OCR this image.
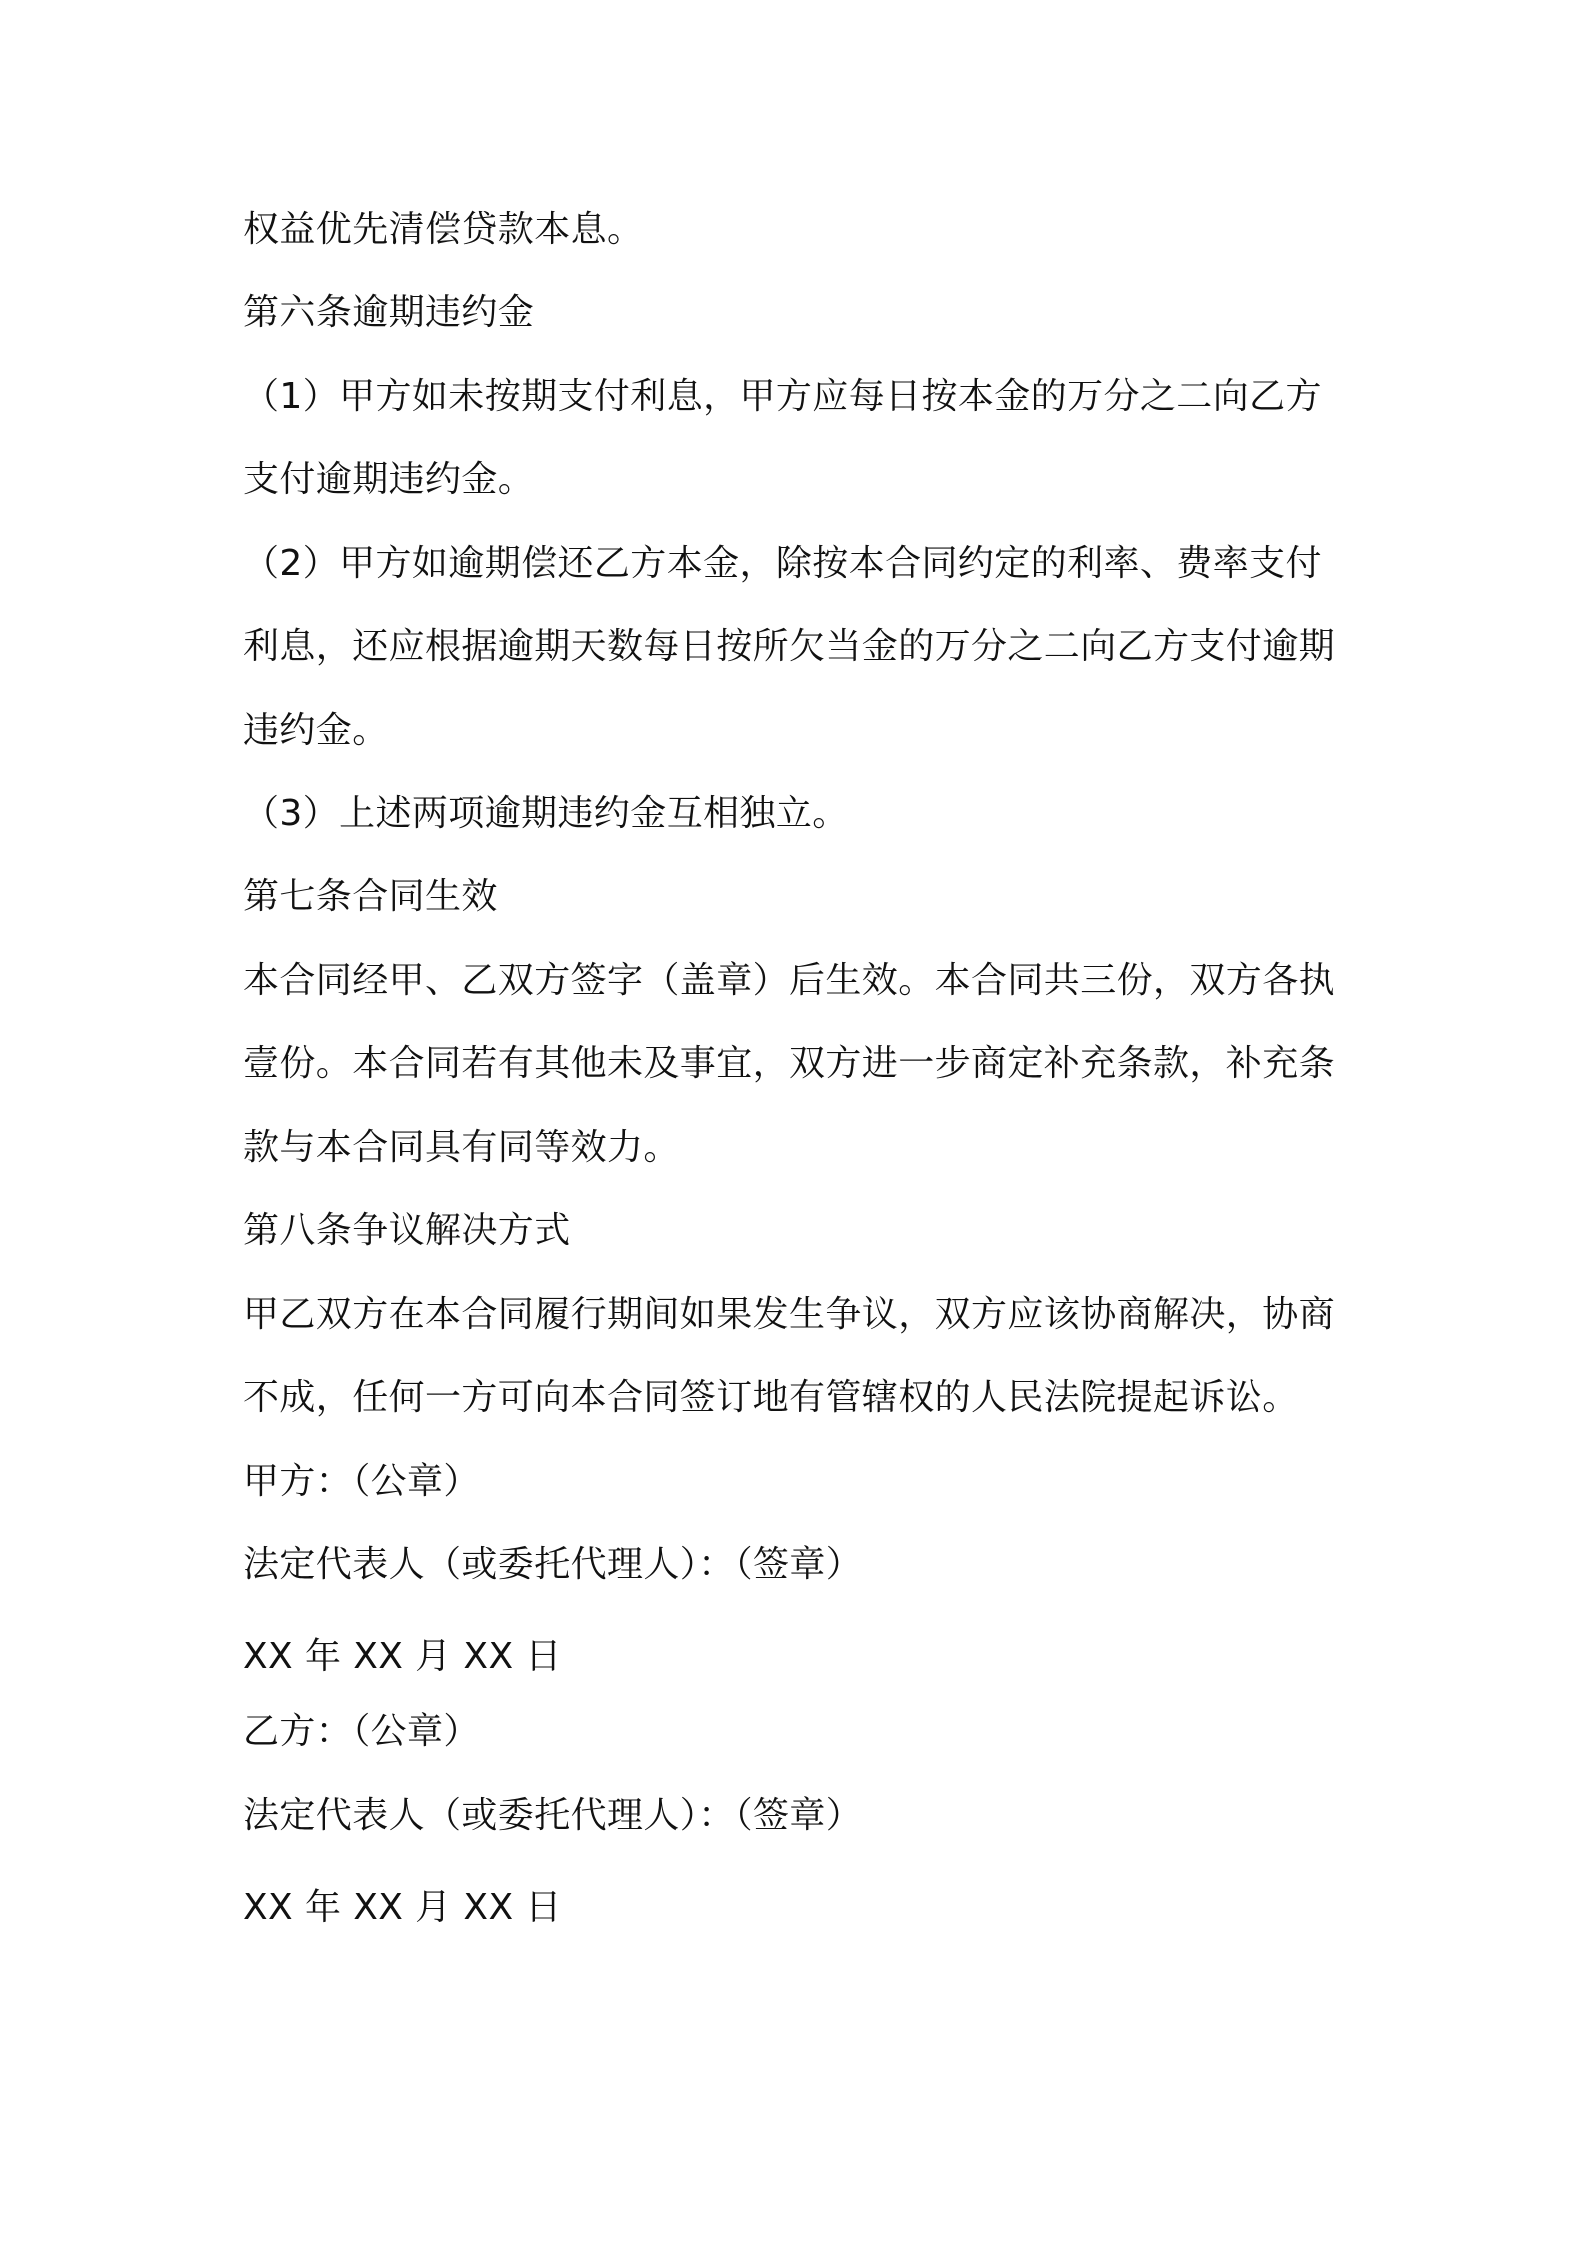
权益优先清偿贷款本息。
第六条逾期违约金
（1）甲方如未按期支付利息，甲方应每日按本金的万分之二向乙方
支付逾期违约金。
（2）甲方如逾期偿还乙方本金，除按本合同约定的利率、费率支付
利息，还应根据逾期天数每日按所欠当金的万分之二向乙方支付逾期
违约金。
（3）上述两项逾期违约金互相独立。
第七条合同生效
本合同经甲、乙双方签字（盖章）后生效。本合同共三份，双方各执
壹份。本合同若有其他未及事宜，双方进一步商定补充条款，补充条
款与本合同具有同等效力。
第八条争议解决方式
甲乙双方在本合同履行期间如果发生争议，双方应该协商解决，协商
不成，任何一方可向本合同签订地有管辖权的人民法院提起诉讼。
甲方：（公章）
法定代表人（或委托代理人）：（签章）
XX 年 XX 月 XX 日
乙方：（公章）
法定代表人（或委托代理人）：（签章）
XX 年 XX 月 XX 日
